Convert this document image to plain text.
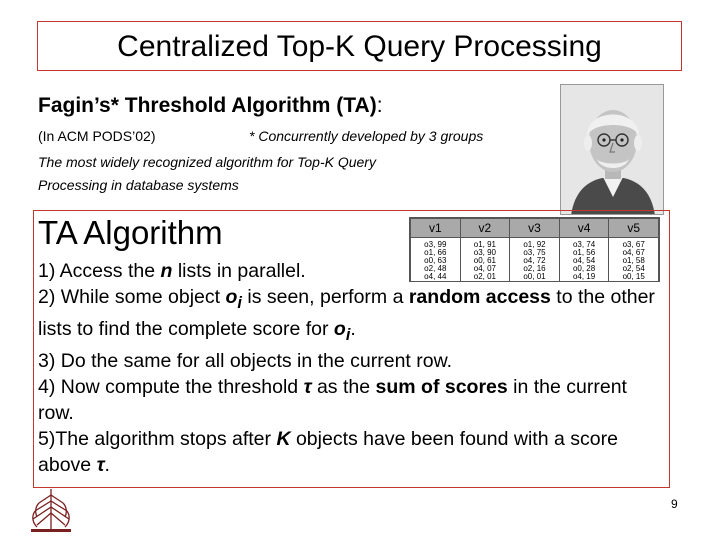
Centralized Top-K Query Processing
Fagin’s* Threshold Algorithm (TA):
(In ACM PODS’02)	* Concurrently developed by 3 groups
The most widely recognized algorithm for Top-K Query
Processing in database systems
TA Algorithm	v1	v2	v3	v4	v5
o3, 99	o1, 91	o1, 92	o3, 74	o3, 67
o1, 66	o3, 90	o3, 75	o1, 56	o4, 67
o0, 63	o0, 61	o4, 72	o4, 54	o1, 58
o2, 48	o4, 07	o2, 16	o0, 28	o2, 54
o4, 44	o2, 01	o0, 01	o4, 19	o0, 15

1) Access the n lists in parallel.

2) While some object $o_i$ is seen, perform a random access to the other lists to find the complete score for $o_i$.

3) Do the same for all objects in the current row.

4) Now compute the threshold τ as the sum of scores in the current row.

5)The algorithm stops after K objects have been found with a score above τ.

9
